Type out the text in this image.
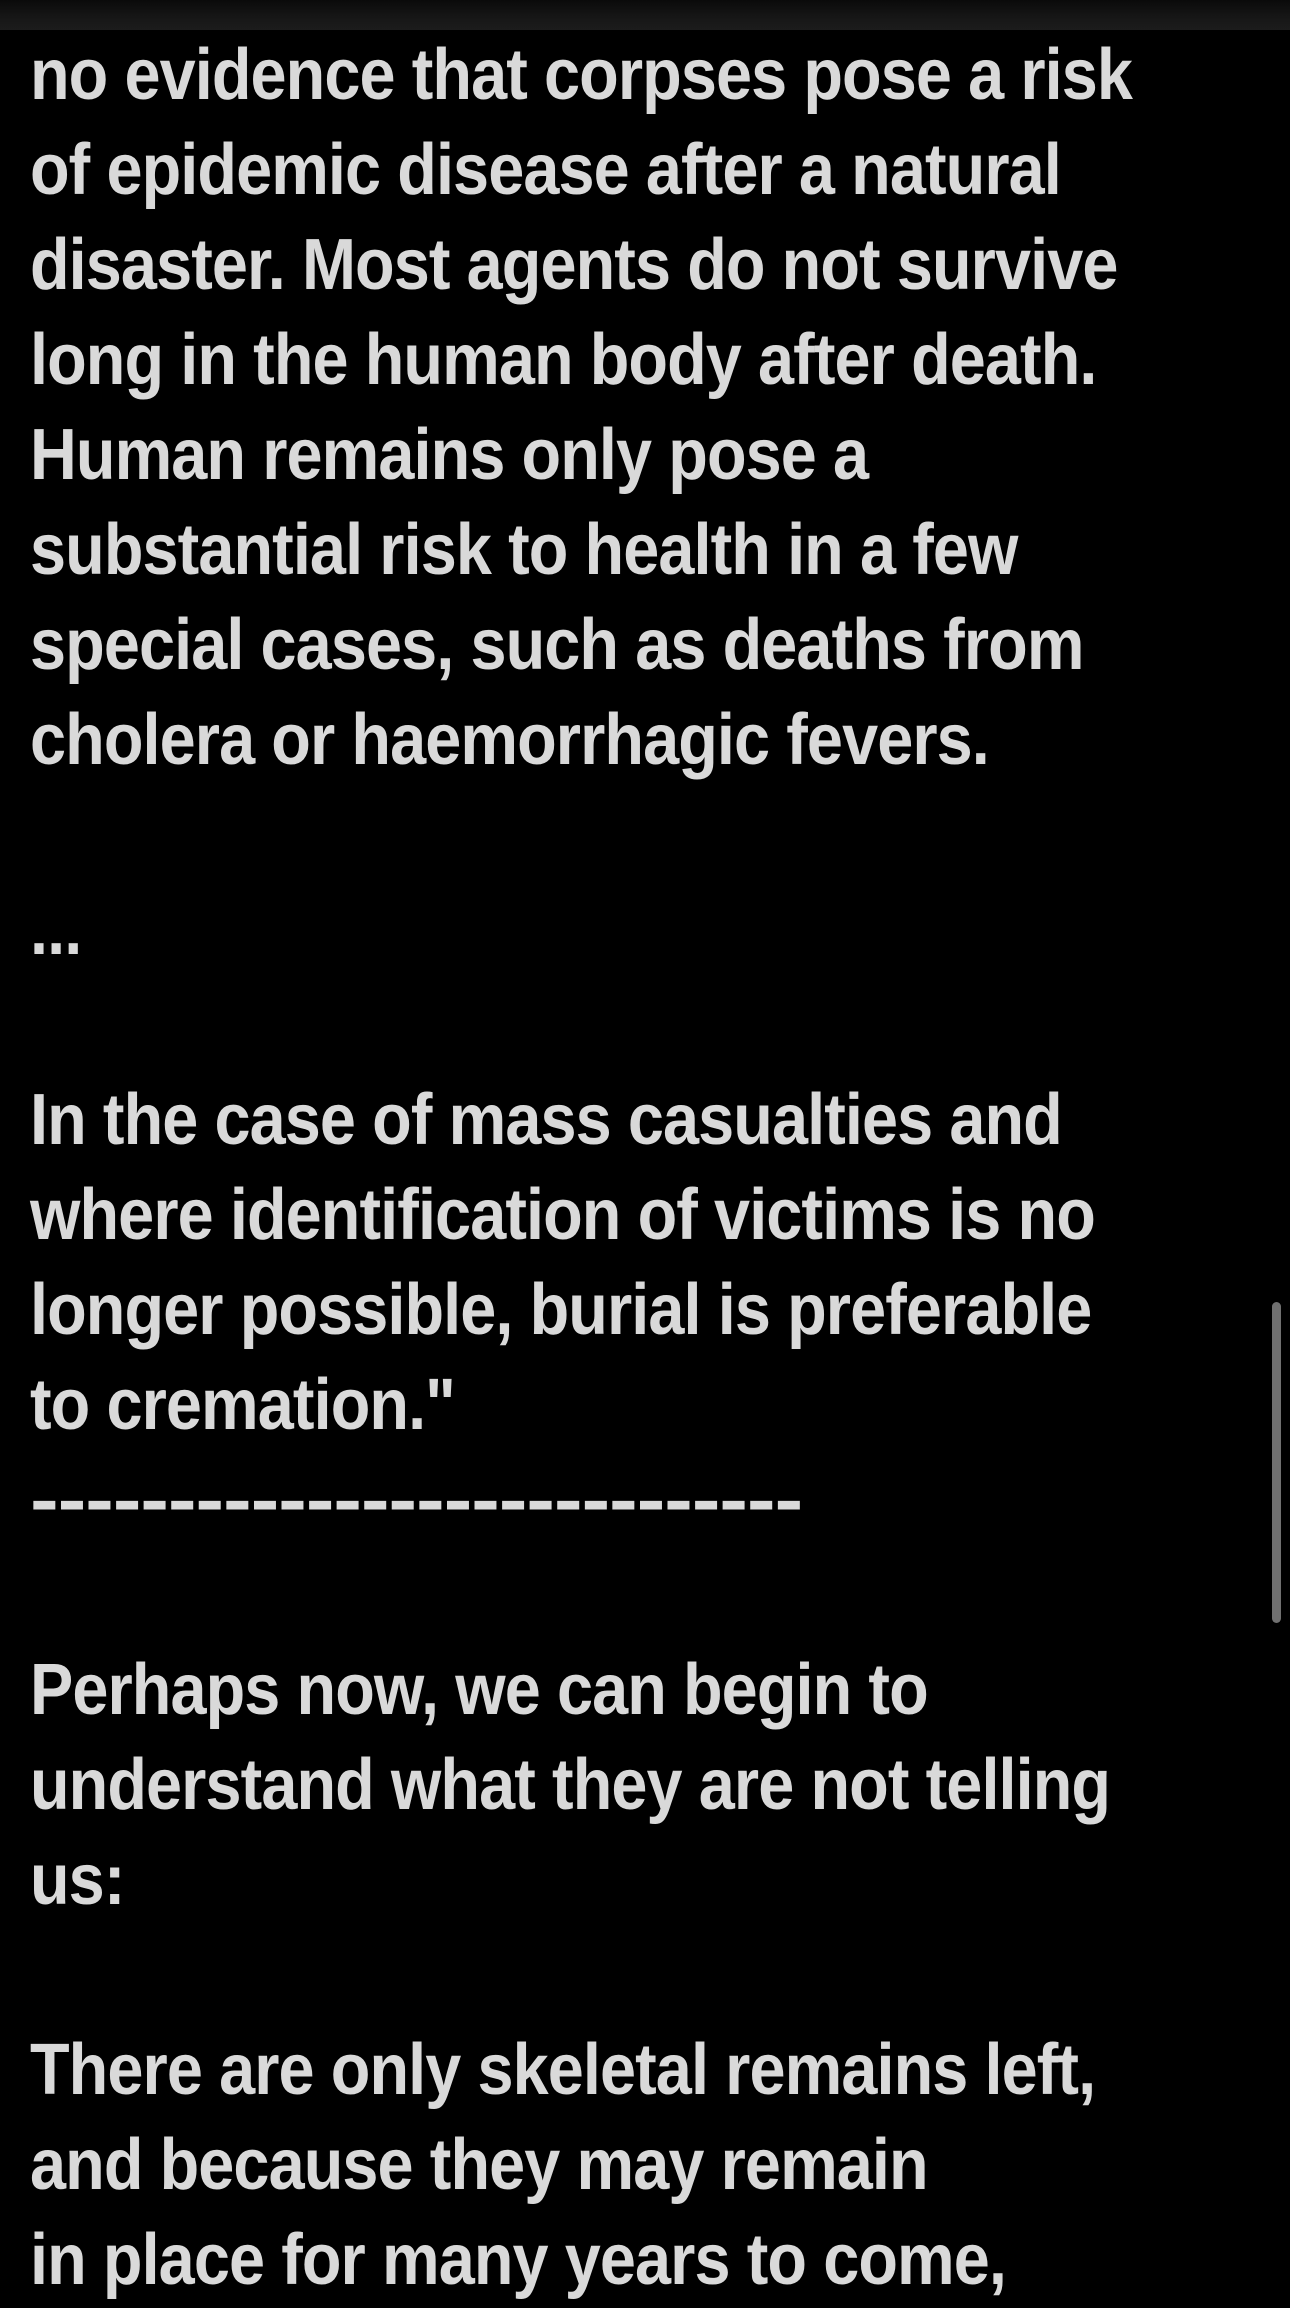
no evidence that corpses pose a risk
of epidemic disease after a natural
disaster. Most agents do not survive
long in the human body after death.
Human remains only pose a
substantial risk to health in a few
special cases, such as deaths from
cholera or haemorrhagic fevers.
...
In the case of mass casualties and
where identification of victims is no
longer possible, burial is preferable
to cremation."
----------------------------
Perhaps now, we can begin to
understand what they are not telling
us:
There are only skeletal remains left,
and because they may remain
in place for many years to come,
